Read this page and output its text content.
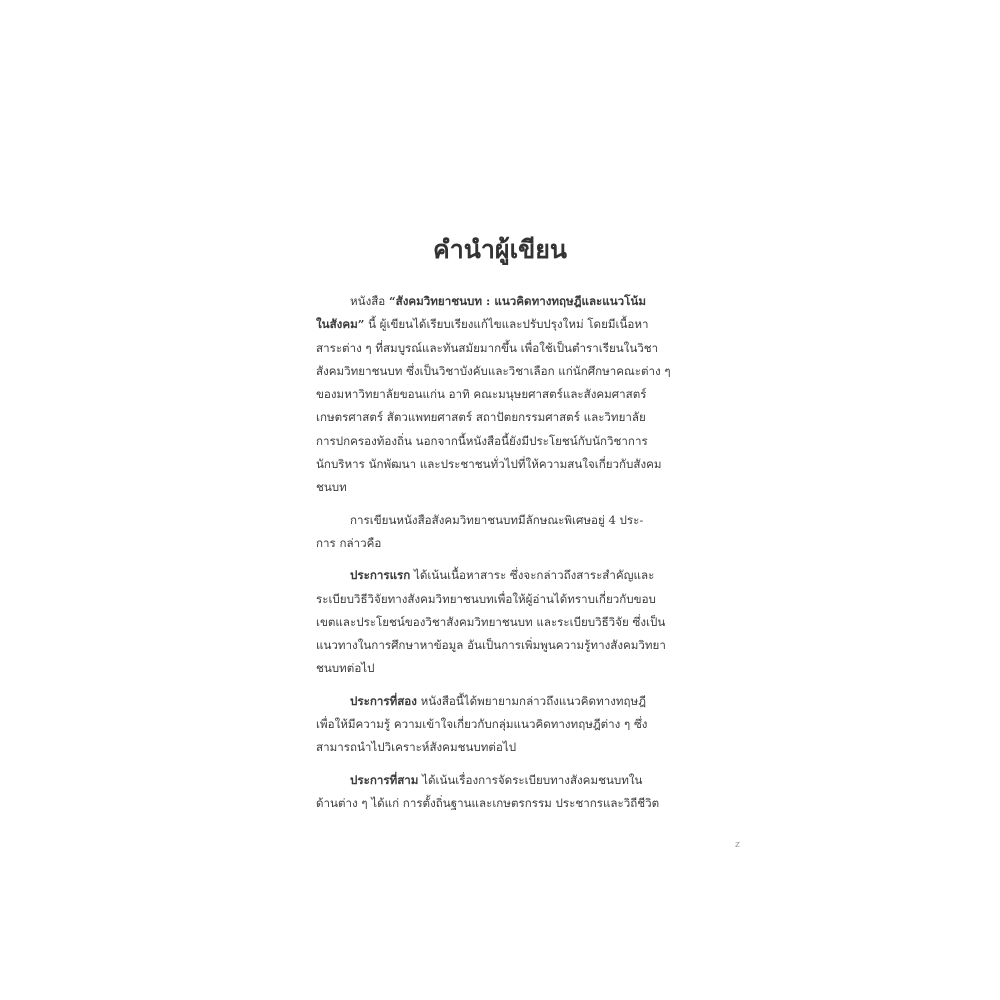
คำนำผู้เขียน
หนังสือ “สังคมวิทยาชนบท : แนวคิดทางทฤษฎีและแนวโน้ม
ในสังคม” นี้ ผู้เขียนได้เรียบเรียงแก้ไขและปรับปรุงใหม่ โดยมีเนื้อหา
สาระต่าง ๆ ที่สมบูรณ์และทันสมัยมากขึ้น เพื่อใช้เป็นตำราเรียนในวิชา
สังคมวิทยาชนบท ซึ่งเป็นวิชาบังคับและวิชาเลือก แก่นักศึกษาคณะต่าง ๆ
ของมหาวิทยาลัยขอนแก่น อาทิ คณะมนุษยศาสตร์และสังคมศาสตร์
เกษตรศาสตร์ สัตวแพทยศาสตร์ สถาปัตยกรรมศาสตร์ และวิทยาลัย
การปกครองท้องถิ่น นอกจากนี้หนังสือนี้ยังมีประโยชน์กับนักวิชาการ
นักบริหาร นักพัฒนา และประชาชนทั่วไปที่ให้ความสนใจเกี่ยวกับสังคม
ชนบท
การเขียนหนังสือสังคมวิทยาชนบทมีลักษณะพิเศษอยู่ 4 ประ-
การ กล่าวคือ
ประการแรก ได้เน้นเนื้อหาสาระ ซึ่งจะกล่าวถึงสาระสำคัญและ
ระเบียบวิธีวิจัยทางสังคมวิทยาชนบทเพื่อให้ผู้อ่านได้ทราบเกี่ยวกับขอบ
เขตและประโยชน์ของวิชาสังคมวิทยาชนบท และระเบียบวิธีวิจัย ซึ่งเป็น
แนวทางในการศึกษาหาข้อมูล อันเป็นการเพิ่มพูนความรู้ทางสังคมวิทยา
ชนบทต่อไป
ประการที่สอง หนังสือนี้ได้พยายามกล่าวถึงแนวคิดทางทฤษฎี
เพื่อให้มีความรู้ ความเข้าใจเกี่ยวกับกลุ่มแนวคิดทางทฤษฎีต่าง ๆ ซึ่ง
สามารถนำไปวิเคราะห์สังคมชนบทต่อไป
ประการที่สาม ได้เน้นเรื่องการจัดระเบียบทางสังคมชนบทใน
ด้านต่าง ๆ ได้แก่ การตั้งถิ่นฐานและเกษตรกรรม ประชากรและวิถีชีวิต
z
